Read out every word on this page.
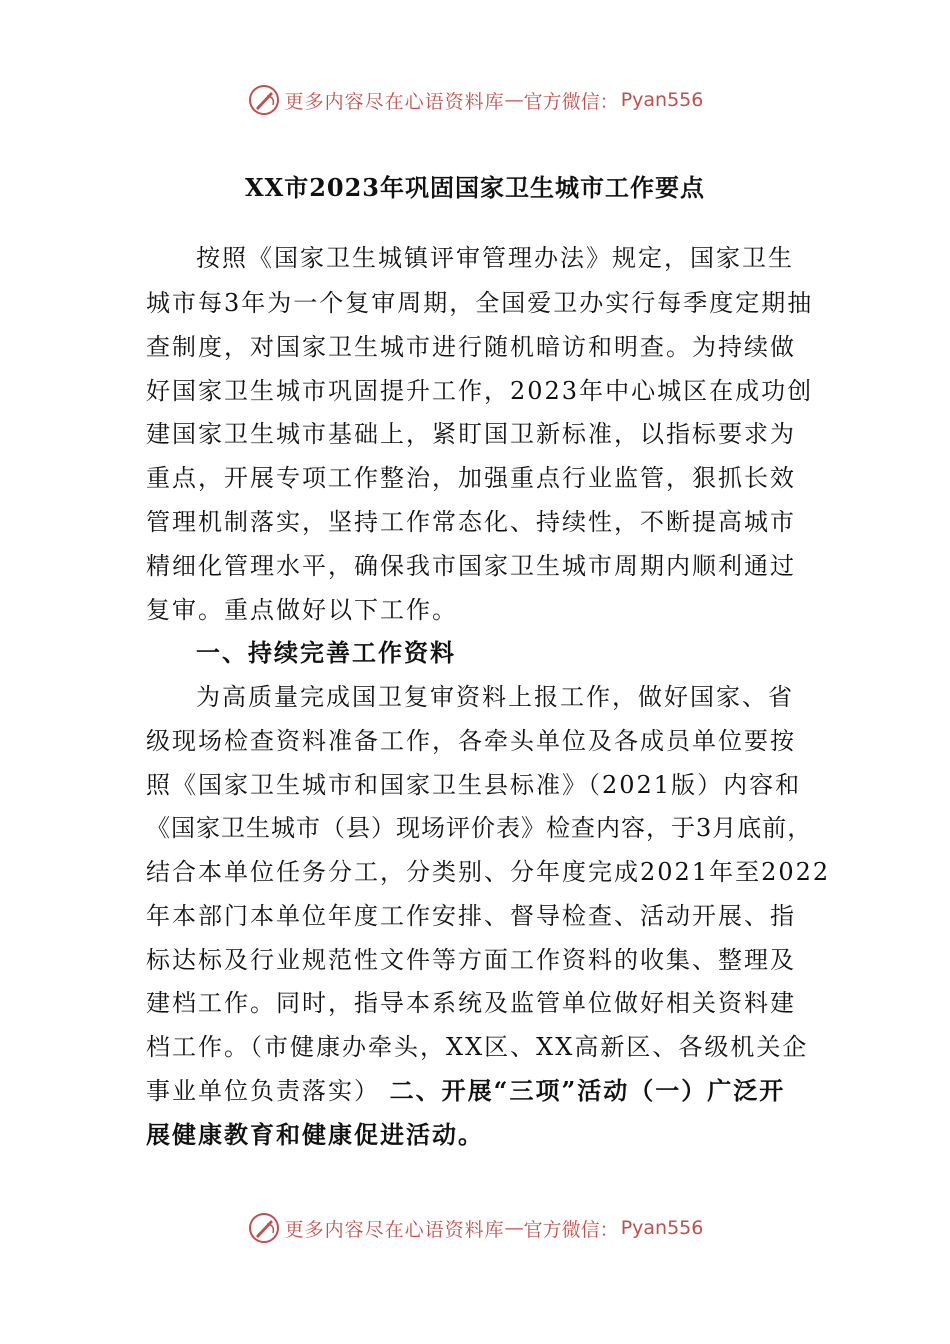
更多内容尽在心语资料库 — 官方微信： Pyan556
XX市2023年巩固国家卫生城市工作要点
按照《国家卫生城镇评审管理办法》规定，国家卫生
城市每3年为一个复审周期，全国爱卫办实行每季度定期抽
查制度，对国家卫生城市进行随机暗访和明查。为持续做
好国家卫生城市巩固提升工作，2023年中心城区在成功创
建国家卫生城市基础上，紧盯国卫新标准，以指标要求为
重点，开展专项工作整治，加强重点行业监管，狠抓长效
管理机制落实，坚持工作常态化、持续性，不断提高城市
精细化管理水平，确保我市国家卫生城市周期内顺利通过
复审。重点做好以下工作。
一、持续完善工作资料
为高质量完成国卫复审资料上报工作，做好国家、省
级现场检查资料准备工作，各牵头单位及各成员单位要按
照《国家卫生城市和国家卫生县标准》（2021版）内容和
《国家卫生城市（县）现场评价表》检查内容，于3月底前，
结合本单位任务分工，分类别、分年度完成2021年至2022
年本部门本单位年度工作安排、督导检查、活动开展、指
标达标及行业规范性文件等方面工作资料的收集、整理及
建档工作。同时，指导本系统及监管单位做好相关资料建
档工作。（市健康办牵头，XX区、XX高新区、各级机关企
事业单位负责落实） 二、开展“三项”活动（一）广泛开
展健康教育和健康促进活动。
更多内容尽在心语资料库 — 官方微信： Pyan556
